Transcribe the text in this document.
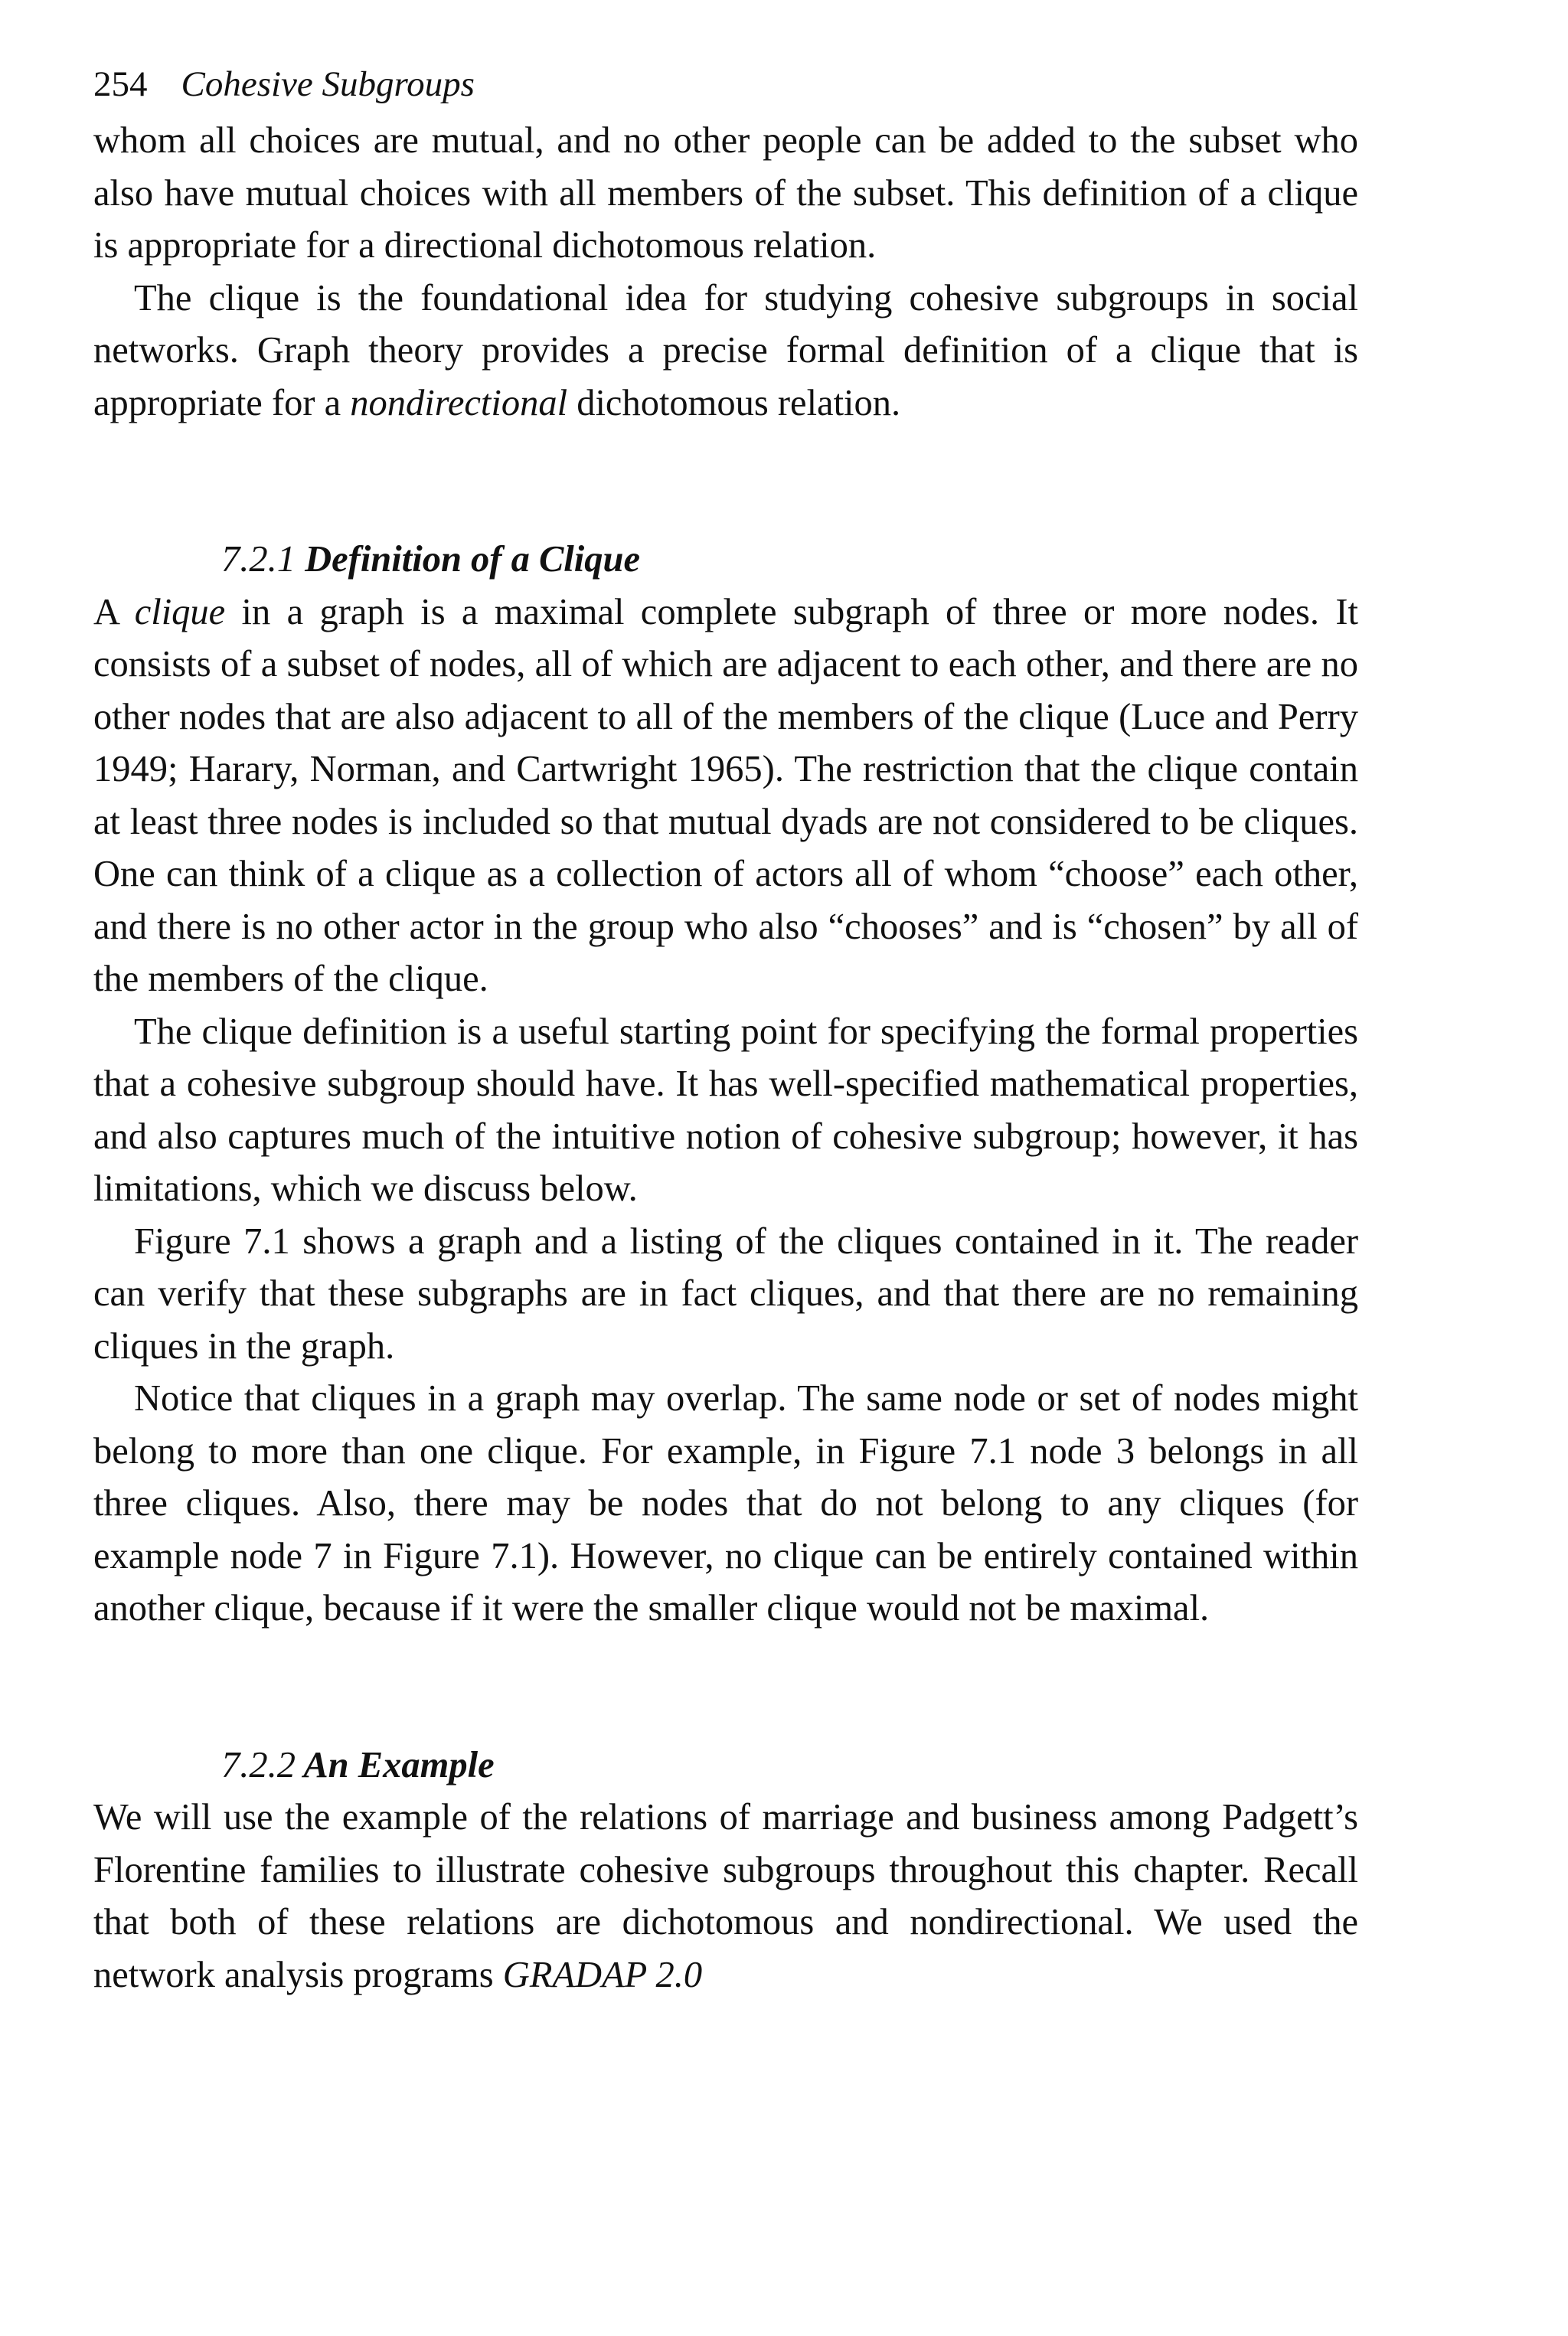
254 Cohesive Subgroups

whom all choices are mutual, and no other people can be added to the subset who also have mutual choices with all members of the subset. This definition of a clique is appropriate for a directional dichotomous relation.

The clique is the foundational idea for studying cohesive subgroups in social networks. Graph theory provides a precise formal definition of a clique that is appropriate for a nondirectional dichotomous relation.

7.2.1 Definition of a Clique

A clique in a graph is a maximal complete subgraph of three or more nodes. It consists of a subset of nodes, all of which are adjacent to each other, and there are no other nodes that are also adjacent to all of the members of the clique (Luce and Perry 1949; Harary, Norman, and Cartwright 1965). The restriction that the clique contain at least three nodes is included so that mutual dyads are not considered to be cliques. One can think of a clique as a collection of actors all of whom “choose” each other, and there is no other actor in the group who also “chooses” and is “chosen” by all of the members of the clique.

The clique definition is a useful starting point for specifying the formal properties that a cohesive subgroup should have. It has well-specified mathematical properties, and also captures much of the intuitive notion of cohesive subgroup; however, it has limitations, which we discuss below.

Figure 7.1 shows a graph and a listing of the cliques contained in it. The reader can verify that these subgraphs are in fact cliques, and that there are no remaining cliques in the graph.

Notice that cliques in a graph may overlap. The same node or set of nodes might belong to more than one clique. For example, in Figure 7.1 node 3 belongs in all three cliques. Also, there may be nodes that do not belong to any cliques (for example node 7 in Figure 7.1). However, no clique can be entirely contained within another clique, because if it were the smaller clique would not be maximal.

7.2.2 An Example

We will use the example of the relations of marriage and business among Padgett’s Florentine families to illustrate cohesive subgroups throughout this chapter. Recall that both of these relations are dichotomous and nondirectional. We used the network analysis programs GRADAP 2.0
